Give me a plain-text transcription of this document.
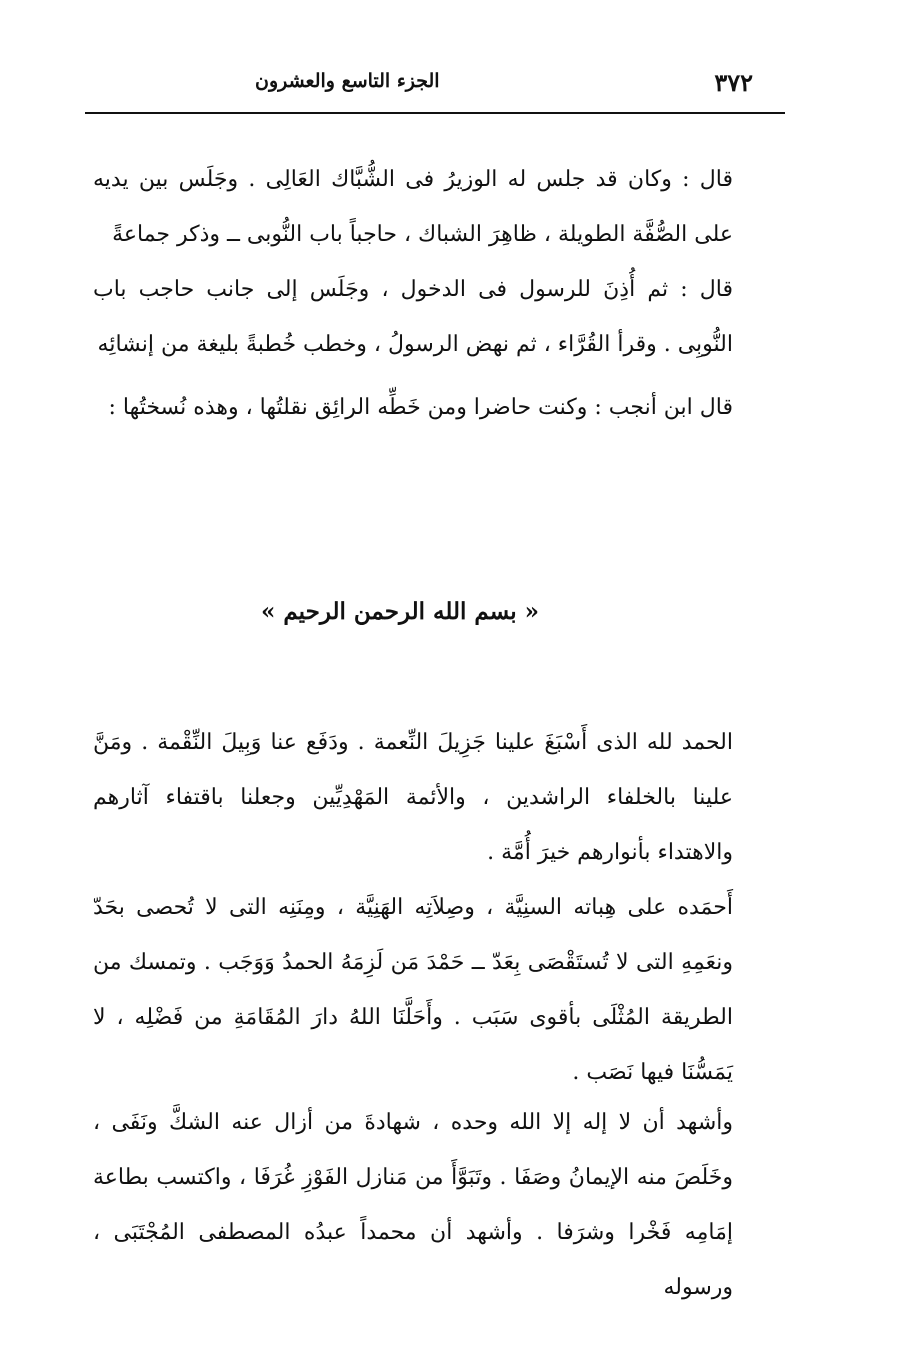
الجزء التاسع والعشرون	٣٧٢

قال : وكان قد جلس له الوزيرُ فى الشُّبَّاك العَالِى . وجَلَس بين يديه على الصُّفَّة الطويلة ، ظاهِرَ الشباك ، حاجباً باب النُّوبى ــ وذكر جماعةً

قال : ثم أُذِنَ للرسول فى الدخول ، وجَلَس إلى جانب حاجب باب النُّوبِى . وقرأ القُرَّاء ، ثم نهض الرسولُ ، وخطب خُطبةً بليغة من إنشائِه

قال ابن أنجب : وكنت حاضرا ومن خَطِّه الرائِق نقلتُها ، وهذه نُسختُها :

« بسم الله الرحمن الرحيم »

الحمد لله الذى أَسْبَغَ علينا جَزِيلَ النِّعمة . ودَفَع عنا وَبِيلَ النِّقْمة . ومَنَّ علينا بالخلفاء الراشدين ، والأئمة المَهْدِيِّين وجعلنا باقتفاء آثارهم والاهتداء بأنوارهم خيرَ أُمَّة .

أَحمَده على هِباته السنِيَّة ، وصِلاَتِه الهَنِيَّة ، ومِنَنِه التى لا تُحصى بحَدّ ونعَمِهِ التى لا تُستَقْصَى بِعَدّ ــ حَمْدَ مَن لَزِمَهُ الحمدُ وَوَجَب . وتمسك من الطريقة المُثْلَى بأقوى سَبَب . وأَحَلَّنَا اللهُ دارَ المُقَامَةِ من فَضْلِه ، لا يَمَسُّنَا فيها نَصَب .

وأشهد أن لا إله إلا الله وحده ، شهادةَ من أزال عنه الشكَّ ونَفَى ، وخَلَصَ منه الإيمانُ وصَفَا . وتَبَوَّأَ من مَنازل الفَوْزِ غُرَفَا ، واكتسب بطاعة إمَامِه فَخْرا وشرَفا . وأشهد أن محمداً عبدُه المصطفى المُجْتَبَى ، ورسوله
